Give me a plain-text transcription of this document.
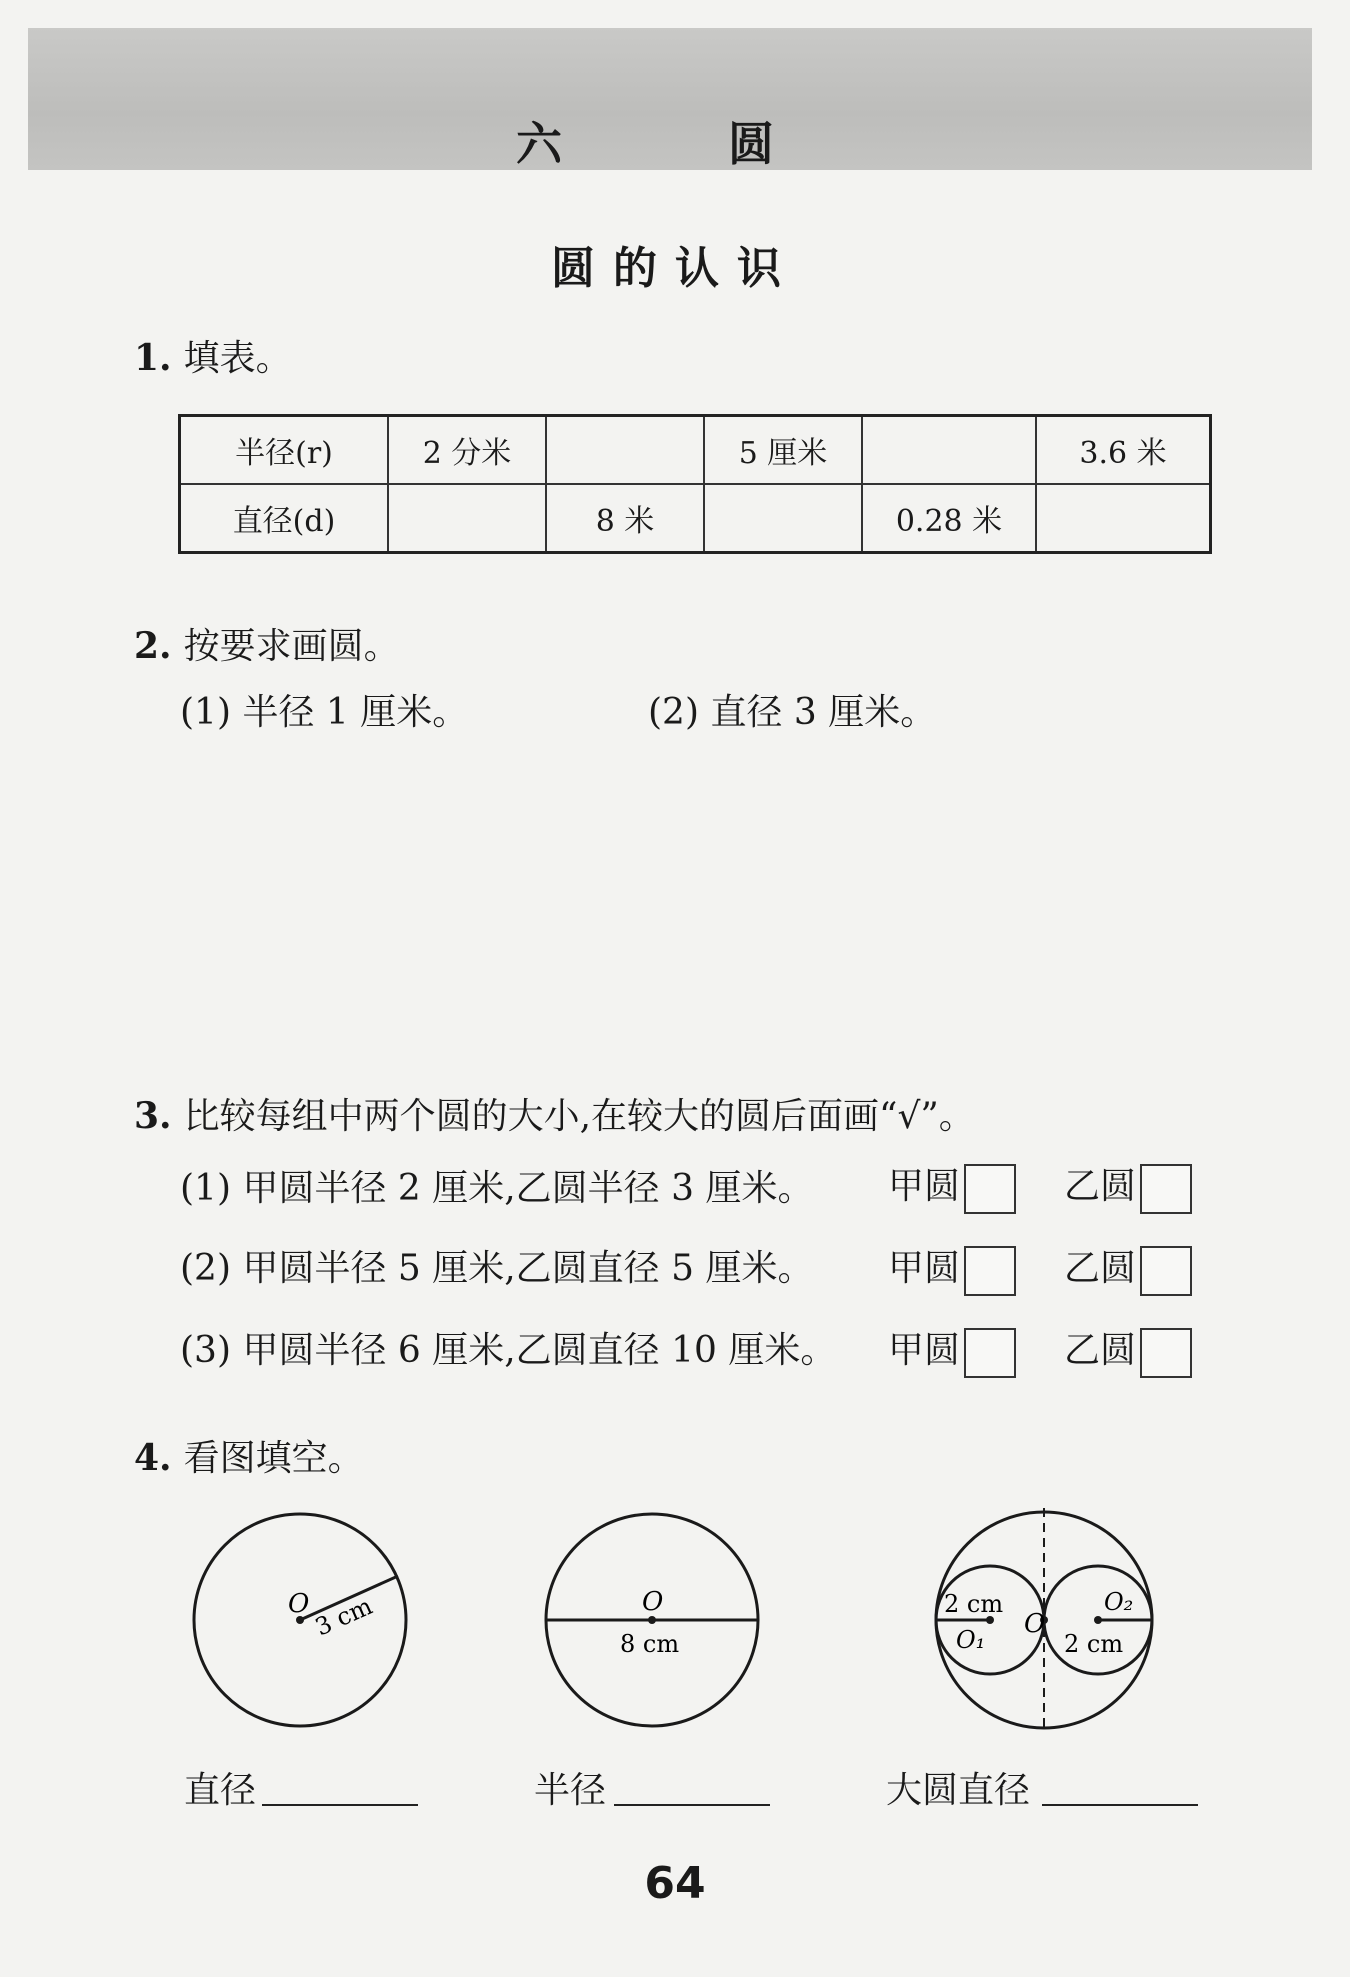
六　圆
圆的认识
1. 填表。
半径(r)	2 分米		5 厘米		3.6 米
直径(d)		8 米		0.28 米	
2. 按要求画圆。
(1) 半径 1 厘米。	(2) 直径 3 厘米。
3. 比较每组中两个圆的大小,在较大的圆后面画“√”。
(1) 甲圆半径 2 厘米,乙圆半径 3 厘米。 甲圆	乙圆
(2) 甲圆半径 5 厘米,乙圆直径 5 厘米。 甲圆	乙圆
(3) 甲圆半径 6 厘米,乙圆直径 10 厘米。 甲圆	乙圆
4. 看图填空。
O 3 cm
直径
O
8 cm
半径
2 cm
O₁
O
O₂
2 cm
大圆直径
64
